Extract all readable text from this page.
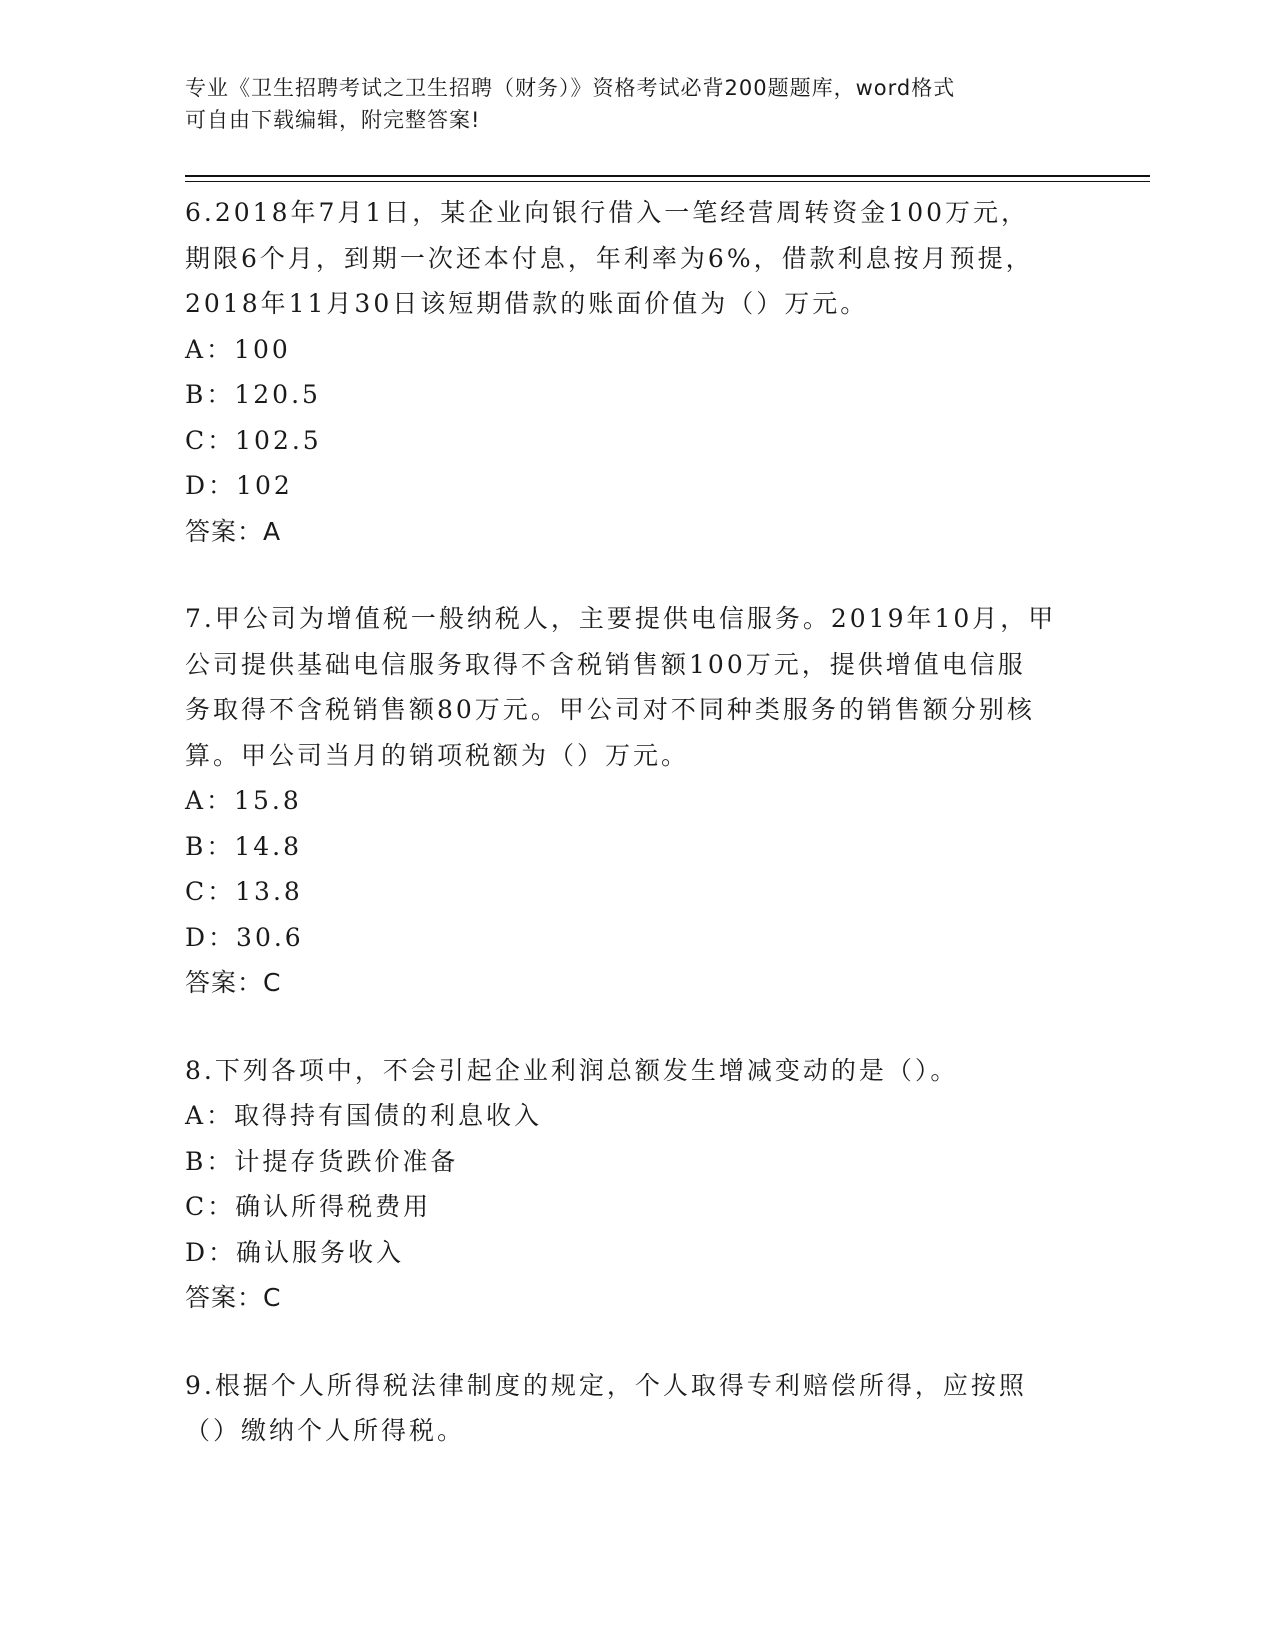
专业《卫生招聘考试之卫生招聘（财务）》资格考试必背200题题库，word格式
可自由下载编辑，附完整答案!
6.2018年7月1日，某企业向银行借入一笔经营周转资金100万元，
期限6个月，到期一次还本付息，年利率为6%，借款利息按月预提，
2018年11月30日该短期借款的账面价值为（）万元。
A：100
B：120.5
C：102.5
D：102
答案：A
7.甲公司为增值税一般纳税人，主要提供电信服务。2019年10月，甲
公司提供基础电信服务取得不含税销售额100万元，提供增值电信服
务取得不含税销售额80万元。甲公司对不同种类服务的销售额分别核
算。甲公司当月的销项税额为（）万元。
A：15.8
B：14.8
C：13.8
D：30.6
答案：C
8.下列各项中，不会引起企业利润总额发生增减变动的是（）。
A：取得持有国债的利息收入
B：计提存货跌价准备
C：确认所得税费用
D：确认服务收入
答案：C
9.根据个人所得税法律制度的规定，个人取得专利赔偿所得，应按照
（）缴纳个人所得税。
